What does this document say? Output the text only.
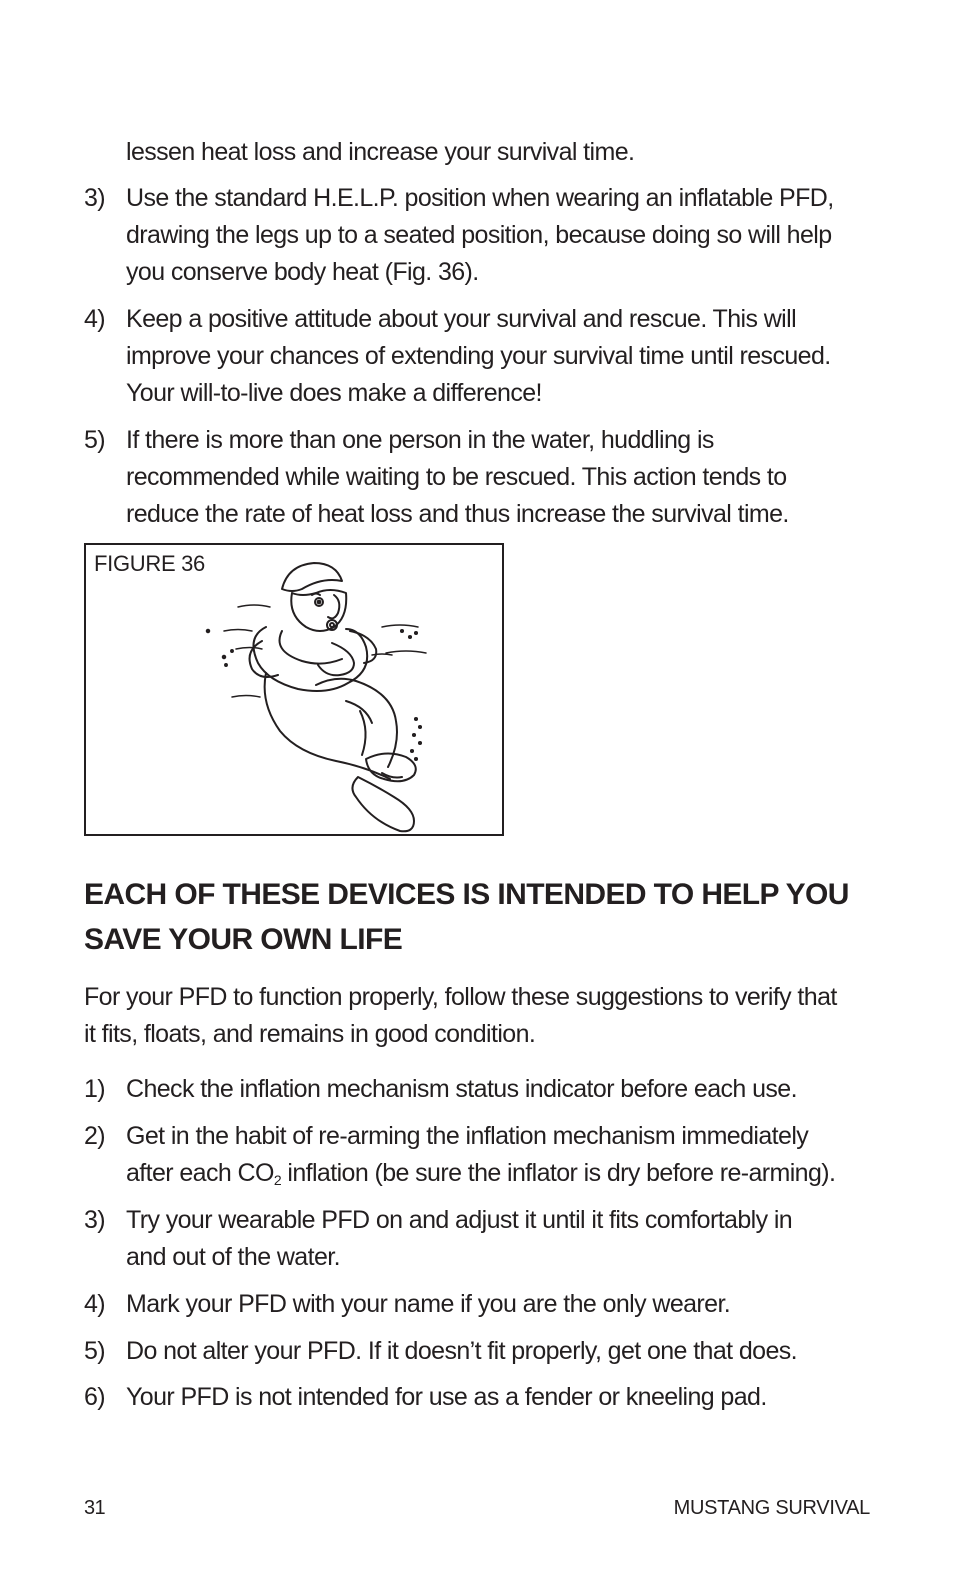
lessen heat loss and increase your survival time.
3) Use the standard H.E.L.P. position when wearing an inflatable PFD,
drawing the legs up to a seated position, because doing so will help
you conserve body heat (Fig. 36).
4) Keep a positive attitude about your survival and rescue. This will
improve your chances of extending your survival time until rescued.
Your will-to-live does make a difference!
5) If there is more than one person in the water, huddling is
recommended while waiting to be rescued. This action tends to
reduce the rate of heat loss and thus increase the survival time.
FIGURE 36
EACH OF THESE DEVICES IS INTENDED TO HELP YOU
SAVE YOUR OWN LIFE
For your PFD to function properly, follow these suggestions to verify that
it fits, floats, and remains in good condition.
1) Check the inflation mechanism status indicator before each use.
2) Get in the habit of re-arming the inflation mechanism immediately
after each $CO_2$ inflation (be sure the inflator is dry before re-arming).
3) Try your wearable PFD on and adjust it until it fits comfortably in
and out of the water.
4) Mark your PFD with your name if you are the only wearer.
5) Do not alter your PFD. If it doesn’t fit properly, get one that does.
6) Your PFD is not intended for use as a fender or kneeling pad.
31	MUSTANG SURVIVAL
